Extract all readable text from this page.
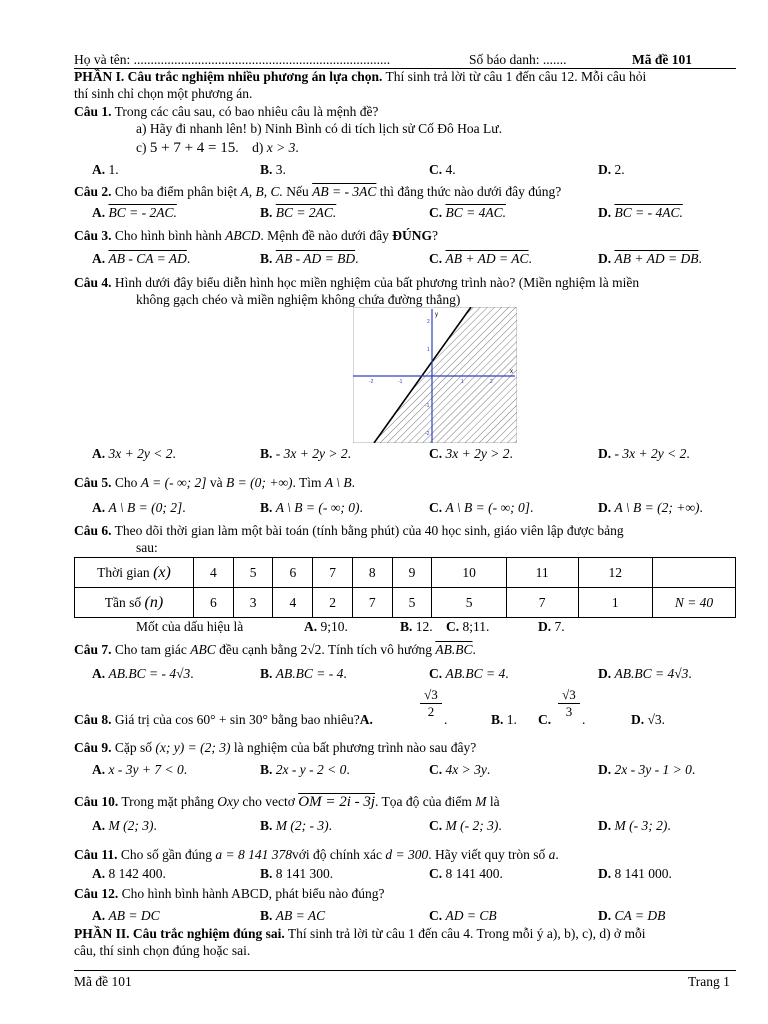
Họ và tên: ............................................................................	Số báo danh: .......	Mã đề 101
PHẦN I. Câu trắc nghiệm nhiều phương án lựa chọn. Thí sinh trả lời từ câu 1 đến câu 12. Mỗi câu hỏi
thí sinh chỉ chọn một phương án.
Câu 1. Trong các câu sau, có bao nhiêu câu là mệnh đề?
a) Hãy đi nhanh lên! b) Ninh Bình có di tích lịch sử Cố Đô Hoa Lư.
c) 5 + 7 + 4 = 15.    d) x > 3.
A. 1.	B. 3.	C. 4.	D. 2.
Câu 2. Cho ba điểm phân biệt A, B, C. Nếu AB = - 3AC thì đẳng thức nào dưới đây đúng?
A. BC = - 2AC.	B. BC = 2AC.	C. BC = 4AC.	D. BC = - 4AC.
Câu 3. Cho hình bình hành ABCD. Mệnh đề nào dưới đây ĐÚNG?
A. AB - CA = AD.	B. AB - AD = BD.	C. AB + AD = AC.	D. AB + AD = DB.
Câu 4. Hình dưới đây biểu diễn hình học miền nghiệm của bất phương trình nào? (Miền nghiệm là miền
không gạch chéo và miền nghiệm không chứa đường thẳng)
x
y
-2	-1	1	2
2
1
-1
-2
A. 3x + 2y < 2.	B. - 3x + 2y > 2.	C. 3x + 2y > 2.	D. - 3x + 2y < 2.
Câu 5. Cho A = (- ∞; 2] và B = (0; +∞). Tìm A \ B.
A. A \ B = (0; 2].	B. A \ B = (- ∞; 0).	C. A \ B = (- ∞; 0].	D. A \ B = (2; +∞).
Câu 6. Theo dõi thời gian làm một bài toán (tính bằng phút) của 40 học sinh, giáo viên lập được bảng
sau:
Thời gian (x)	4	5	6	7	8	9	10	11	12	
Tần số (n)	6	3	4	2	7	5	5	7	1	N = 40
Mốt của dấu hiệu là	A. 9;10.	B. 12. C. 8;11.	D. 7.
Câu 7. Cho tam giác ABC đều cạnh bằng 2√2. Tính tích vô hướng AB.BC.
A. AB.BC = - 4√3.	B. AB.BC = - 4.	C. AB.BC = 4.	D. AB.BC = 4√3.
Câu 8. Giá trị của cos 60° + sin 30° bằng bao nhiêu?A.
√3
2
.	B. 1. C.
√3
3
.	D. √3.
Câu 9. Cặp số (x; y) = (2; 3) là nghiệm của bất phương trình nào sau đây?
A. x - 3y + 7 < 0.	B. 2x - y - 2 < 0.	C. 4x > 3y.	D. 2x - 3y - 1 > 0.
Câu 10. Trong mặt phẳng Oxy cho vectơ OM = 2i - 3j. Tọa độ của điểm M là
A. M (2; 3).	B. M (2; - 3).	C. M (- 2; 3).	D. M (- 3; 2).
Câu 11. Cho số gần đúng a = 8 141 378với độ chính xác d = 300. Hãy viết quy tròn số a.
A. 8 142 400.	B. 8 141 300.	C. 8 141 400.	D. 8 141 000.
Câu 12. Cho hình bình hành ABCD, phát biểu nào đúng?
A. AB = DC	B. AB = AC	C. AD = CB	D. CA = DB
PHẦN II. Câu trắc nghiệm đúng sai. Thí sinh trả lời từ câu 1 đến câu 4. Trong mỗi ý a), b), c), d) ở mỗi
câu, thí sinh chọn đúng hoặc sai.
Mã đề 101	Trang 1
